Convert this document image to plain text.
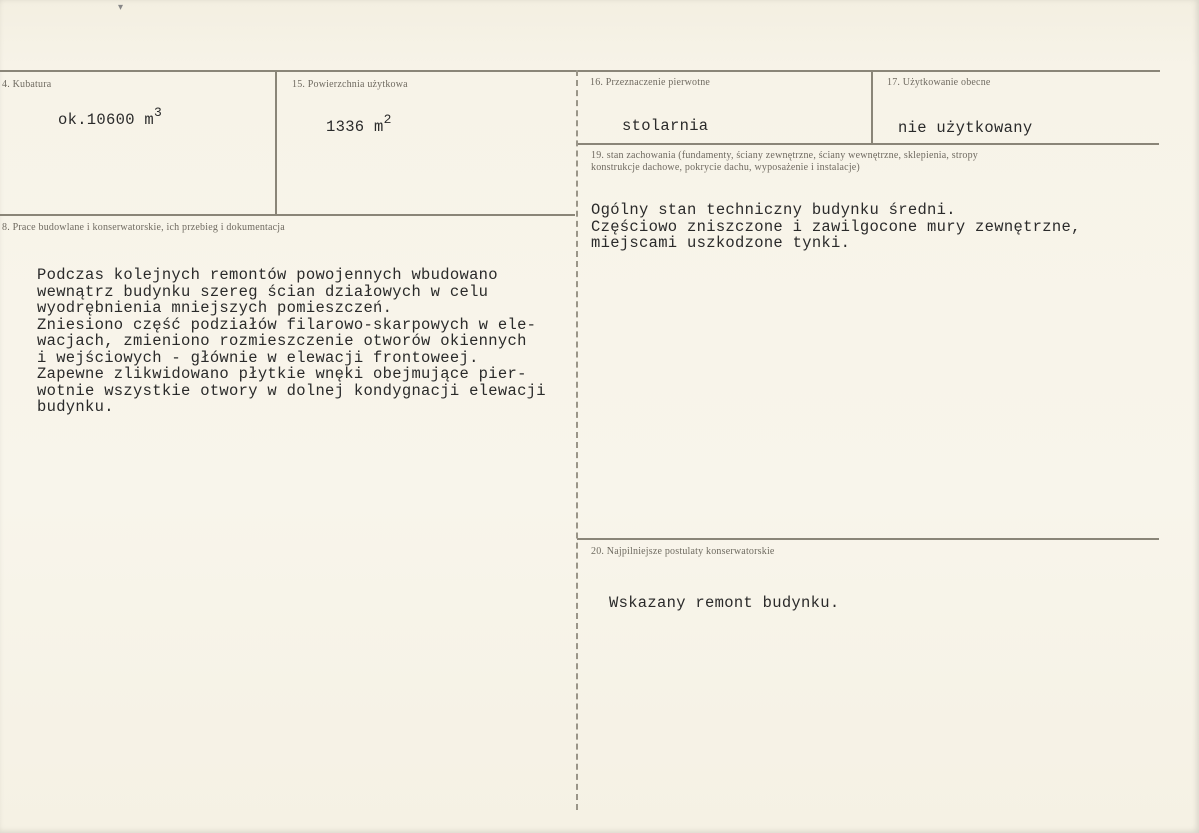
▾
4. Kubatura
ok.10600 $m^3$
15. Powierzchnia użytkowa
1336 $m^2$
16. Przeznaczenie pierwotne
stolarnia
17. Użytkowanie obecne
nie użytkowany
8. Prace budowlane i konserwatorskie, ich przebieg i dokumentacja
Podczas kolejnych remontów powojennych wbudowano
wewnątrz budynku szereg ścian działowych w celu
wyodrębnienia mniejszych pomieszczeń.
Zniesiono część podziałów filarowo-skarpowych w ele-
wacjach, zmieniono rozmieszczenie otworów okiennych
i wejściowych - głównie w elewacji frontoweej.
Zapewne zlikwidowano płytkie wnęki obejmujące pier-
wotnie wszystkie otwory w dolnej kondygnacji elewacji
budynku.
19. stan zachowania (fundamenty, ściany zewnętrzne, ściany wewnętrzne, sklepienia, stropy
konstrukcje dachowe, pokrycie dachu, wyposażenie i instalacje)
Ogólny stan techniczny budynku średni.
Częściowo zniszczone i zawilgocone mury zewnętrzne,
miejscami uszkodzone tynki.
20. Najpilniejsze postulaty konserwatorskie
Wskazany remont budynku.
